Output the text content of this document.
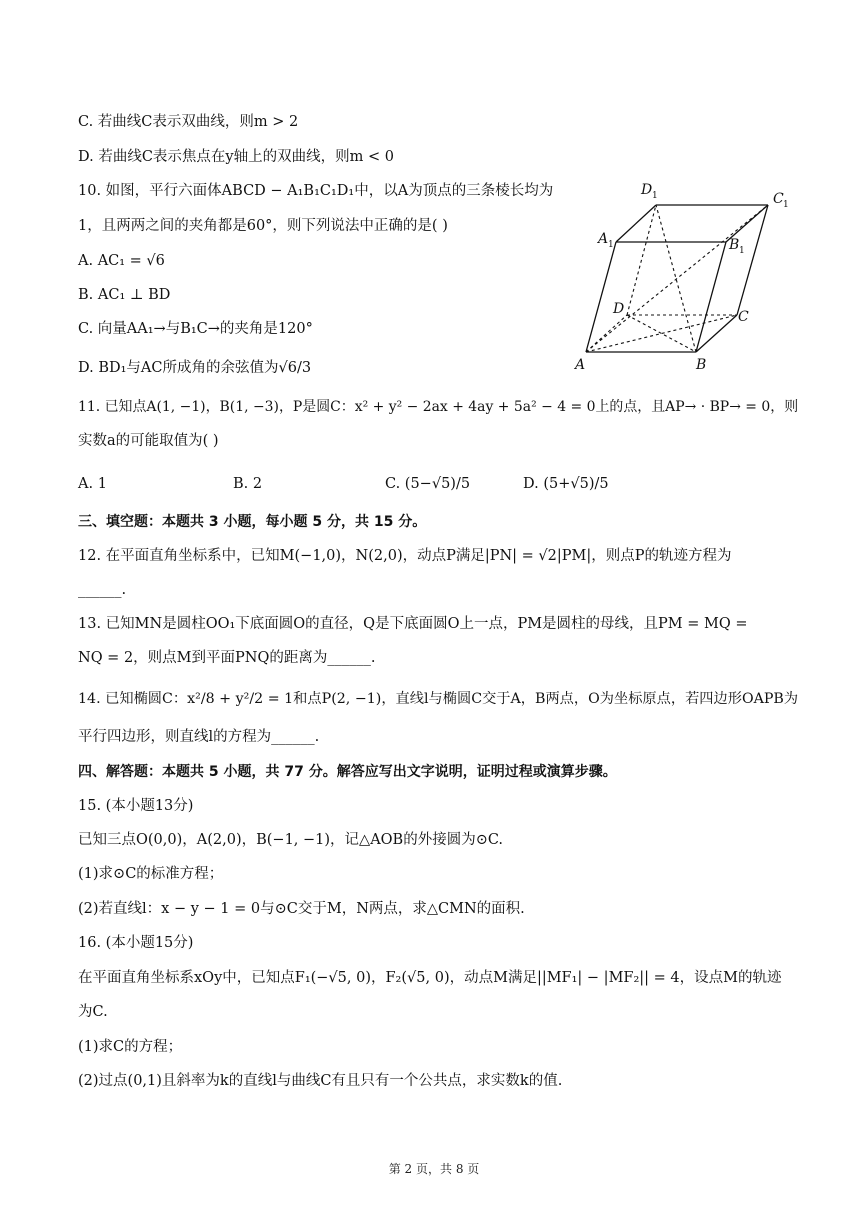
C. 若曲线C表示双曲线，则m > 2
D. 若曲线C表示焦点在y轴上的双曲线，则m < 0
10. 如图，平行六面体ABCD − A₁B₁C₁D₁中，以A为顶点的三条棱长均为
1，且两两之间的夹角都是60°，则下列说法中正确的是( )
A. AC₁ = √6
B. AC₁ ⊥ BD
C. 向量AA₁→与B₁C→的夹角是120°
D. BD₁与AC所成角的余弦值为√6/3	A	B
C
D
A 1	B 1
C 1
D 1
11. 已知点A(1, −1)，B(1, −3)，P是圆C：x² + y² − 2ax + 4ay + 5a² − 4 = 0上的点，且AP→ · BP→ = 0，则
实数a的可能取值为( )
A. 1	B. 2	C. (5−√5)/5	D. (5+√5)/5
三、填空题：本题共 3 小题，每小题 5 分，共 15 分。
12. 在平面直角坐标系中，已知M(−1,0)，N(2,0)，动点P满足|PN| = √2|PM|，则点P的轨迹方程为
______.
13. 已知MN是圆柱OO₁下底面圆O的直径，Q是下底面圆O上一点，PM是圆柱的母线，且PM = MQ =
NQ = 2，则点M到平面PNQ的距离为______.
14. 已知椭圆C：x²/8 + y²/2 = 1和点P(2, −1)，直线l与椭圆C交于A，B两点，O为坐标原点，若四边形OAPB为
平行四边形，则直线l的方程为______.
四、解答题：本题共 5 小题，共 77 分。解答应写出文字说明，证明过程或演算步骤。
15. (本小题13分)
已知三点O(0,0)，A(2,0)，B(−1, −1)，记△AOB的外接圆为⊙C.
(1)求⊙C的标准方程；
(2)若直线l：x − y − 1 = 0与⊙C交于M，N两点，求△CMN的面积.
16. (本小题15分)
在平面直角坐标系xOy中，已知点F₁(−√5, 0)，F₂(√5, 0)，动点M满足||MF₁| − |MF₂|| = 4，设点M的轨迹
为C.
(1)求C的方程；
(2)过点(0,1)且斜率为k的直线l与曲线C有且只有一个公共点，求实数k的值.
第 2 页，共 8 页
